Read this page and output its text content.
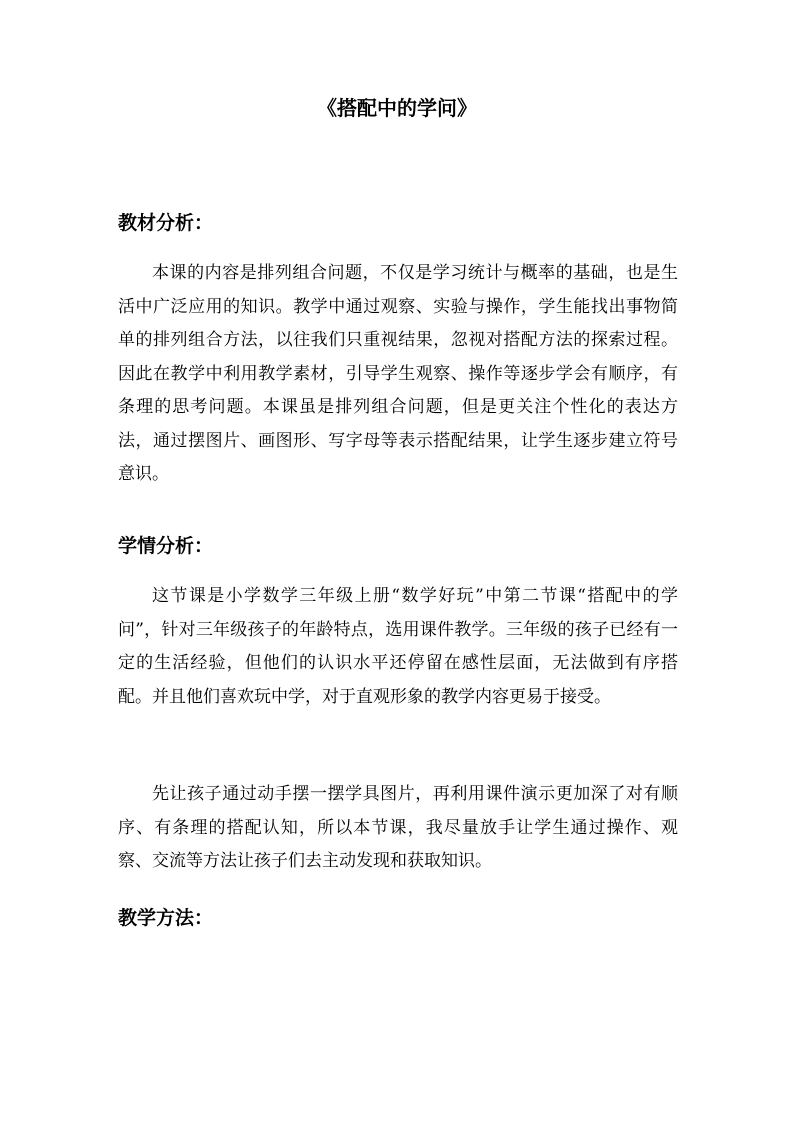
《搭配中的学问》
教材分析：

本课的内容是排列组合问题，不仅是学习统计与概率的基础，也是生活中广泛应用的知识。教学中通过观察、实验与操作，学生能找出事物简单的排列组合方法，以往我们只重视结果，忽视对搭配方法的探索过程。因此在教学中利用教学素材，引导学生观察、操作等逐步学会有顺序，有条理的思考问题。本课虽是排列组合问题，但是更关注个性化的表达方法，通过摆图片、画图形、写字母等表示搭配结果，让学生逐步建立符号意识。

学情分析：

这节课是小学数学三年级上册“数学好玩”中第二节课“搭配中的学问”，针对三年级孩子的年龄特点，选用课件教学。三年级的孩子已经有一定的生活经验，但他们的认识水平还停留在感性层面，无法做到有序搭配。并且他们喜欢玩中学，对于直观形象的教学内容更易于接受。

先让孩子通过动手摆一摆学具图片，再利用课件演示更加深了对有顺序、有条理的搭配认知，所以本节课，我尽量放手让学生通过操作、观察、交流等方法让孩子们去主动发现和获取知识。

教学方法：
